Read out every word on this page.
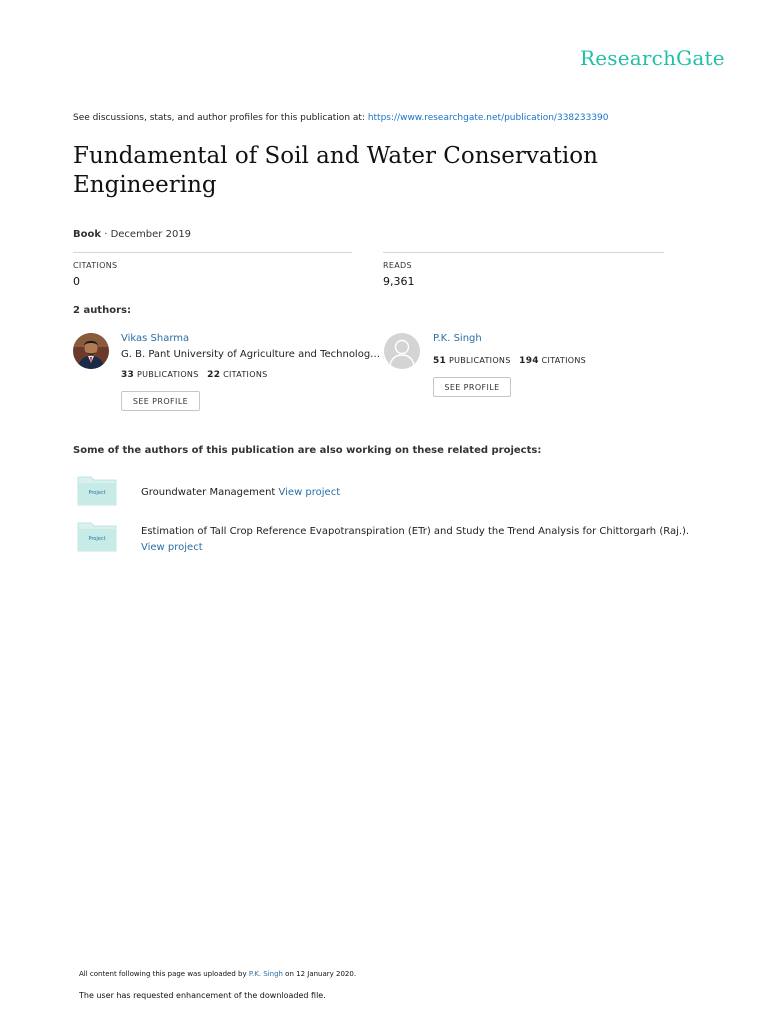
ResearchGate
See discussions, stats, and author profiles for this publication at: https://www.researchgate.net/publication/338233390
Fundamental of Soil and Water Conservation Engineering
Book · December 2019
CITATIONS
0
READS
9,361
2 authors:
Vikas Sharma
G. B. Pant University of Agriculture and Technolog…
33 PUBLICATIONS 22 CITATIONS
SEE PROFILE
P.K. Singh
51 PUBLICATIONS 194 CITATIONS
SEE PROFILE
Some of the authors of this publication are also working on these related projects:
Project	Groundwater Management View project
Project
Estimation of Tall Crop Reference Evapotranspiration (ETr) and Study the Trend Analysis for Chittorgarh (Raj.).
View project
All content following this page was uploaded by P.K. Singh on 12 January 2020.
The user has requested enhancement of the downloaded file.
